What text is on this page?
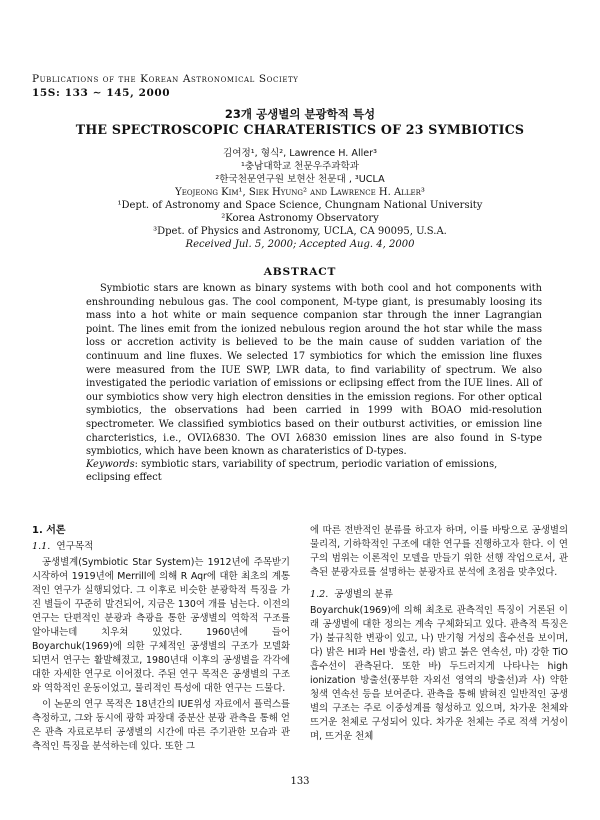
Publications of the Korean Astronomical Society
15S: 133 ∼ 145, 2000
23개 공생별의 분광학적 특성
THE SPECTROSCOPIC CHARATERISTICS OF 23 SYMBIOTICS
김여정¹, 형식², Lawrence H. Aller³
¹충남대학교 천문우주과학과
²한국천문연구원 보현산 천문대 , ³UCLA
Yeojeong Kim¹, Siek Hyung² and Lawrence H. Aller³
¹Dept. of Astronomy and Space Science, Chungnam National University
²Korea Astronomy Observatory
³Dpet. of Physics and Astronomy, UCLA, CA 90095, U.S.A.
Received Jul. 5, 2000; Accepted Aug. 4, 2000
ABSTRACT
Symbiotic stars are known as binary systems with both cool and hot components with enshrounding nebulous gas. The cool component, M-type giant, is presumably loosing its mass into a hot white or main sequence companion star through the inner Lagrangian point. The lines emit from the ionized nebulous region around the hot star while the mass loss or accretion activity is believed to be the main cause of sudden variation of the continuum and line fluxes. We selected 17 symbiotics for which the emission line fluxes were measured from the IUE SWP, LWR data, to find variability of spectrum. We also investigated the periodic variation of emissions or eclipsing effect from the IUE lines. All of our symbiotics show very high electron densities in the emission regions. For other optical symbiotics, the observations had been carried in 1999 with BOAO mid-resolution spectrometer. We classified symbiotics based on their outburst activities, or emission line charcteristics, i.e., OVIλ6830. The OVI λ6830 emission lines are also found in S-type symbiotics, which have been known as charateristics of D-types.
Keywords: symbiotic stars, variability of spectrum, periodic variation of emissions, eclipsing effect
1. 서론
1.1. 연구목적

공생별계(Symbiotic Star System)는 1912년에 주목받기 시작하여 1919년에 Merrill에 의해 R Aqr에 대한 최초의 계통적인 연구가 실행되었다. 그 이후로 비슷한 분광학적 특징을 가진 별들이 꾸준히 발견되어, 지금은 130여 개를 넘는다. 이전의 연구는 단편적인 분광과 측광을 통한 공생별의 역학적 구조를 알아내는데 치우쳐 있었다. 1960년에 들어 Boyarchuk(1969)에 의한 구체적인 공생별의 구조가 모델화 되면서 연구는 활발해졌고, 1980년대 이후의 공생별을 각각에 대한 자세한 연구로 이어졌다. 주된 연구 목적은 공생별의 구조와 역학적인 운동이었고, 물리적인 특성에 대한 연구는 드물다.

이 논문의 연구 목적은 18년간의 IUE위성 자료에서 플럭스를 측정하고, 그와 동시에 광학 파장대 중분산 분광 관측을 통해 얻은 관측 자료로부터 공생별의 시간에 따른 주기관한 모습과 관측적인 특징을 분석하는데 있다. 또한 그

에 따른 전반적인 분류를 하고자 하며, 이를 바탕으로 공생별의 물리적, 기하학적인 구조에 대한 연구를 진행하고자 한다. 이 연구의 범위는 이론적인 모델을 만들기 위한 선행 작업으로서, 관측된 분광자료를 설명하는 분광자료 분석에 초점을 맞추었다.

1.2. 공생별의 분류

Boyarchuk(1969)에 의해 최초로 관측적인 특징이 거론된 이래 공생별에 대한 정의는 계속 구체화되고 있다. 관측적 특징은 가) 불규칙한 변광이 있고, 나) 만기형 거성의 흡수선을 보이며, 다) 밝은 HI과 HeI 방출선, 라) 밝고 붉은 연속선, 마) 강한 TiO 흡수선이 관측된다. 또한 바) 두드러지게 나타나는 high ionization 방출선(풍부한 자외선 영역의 방출선)과 사) 약한 청색 연속선 등을 보여준다. 관측을 통해 밝혀진 일반적인 공생별의 구조는 주로 이중성계를 형성하고 있으며, 차가운 천체와 뜨거운 천체로 구성되어 있다. 차가운 천체는 주로 적색 거성이며, 뜨거운 천체

133
